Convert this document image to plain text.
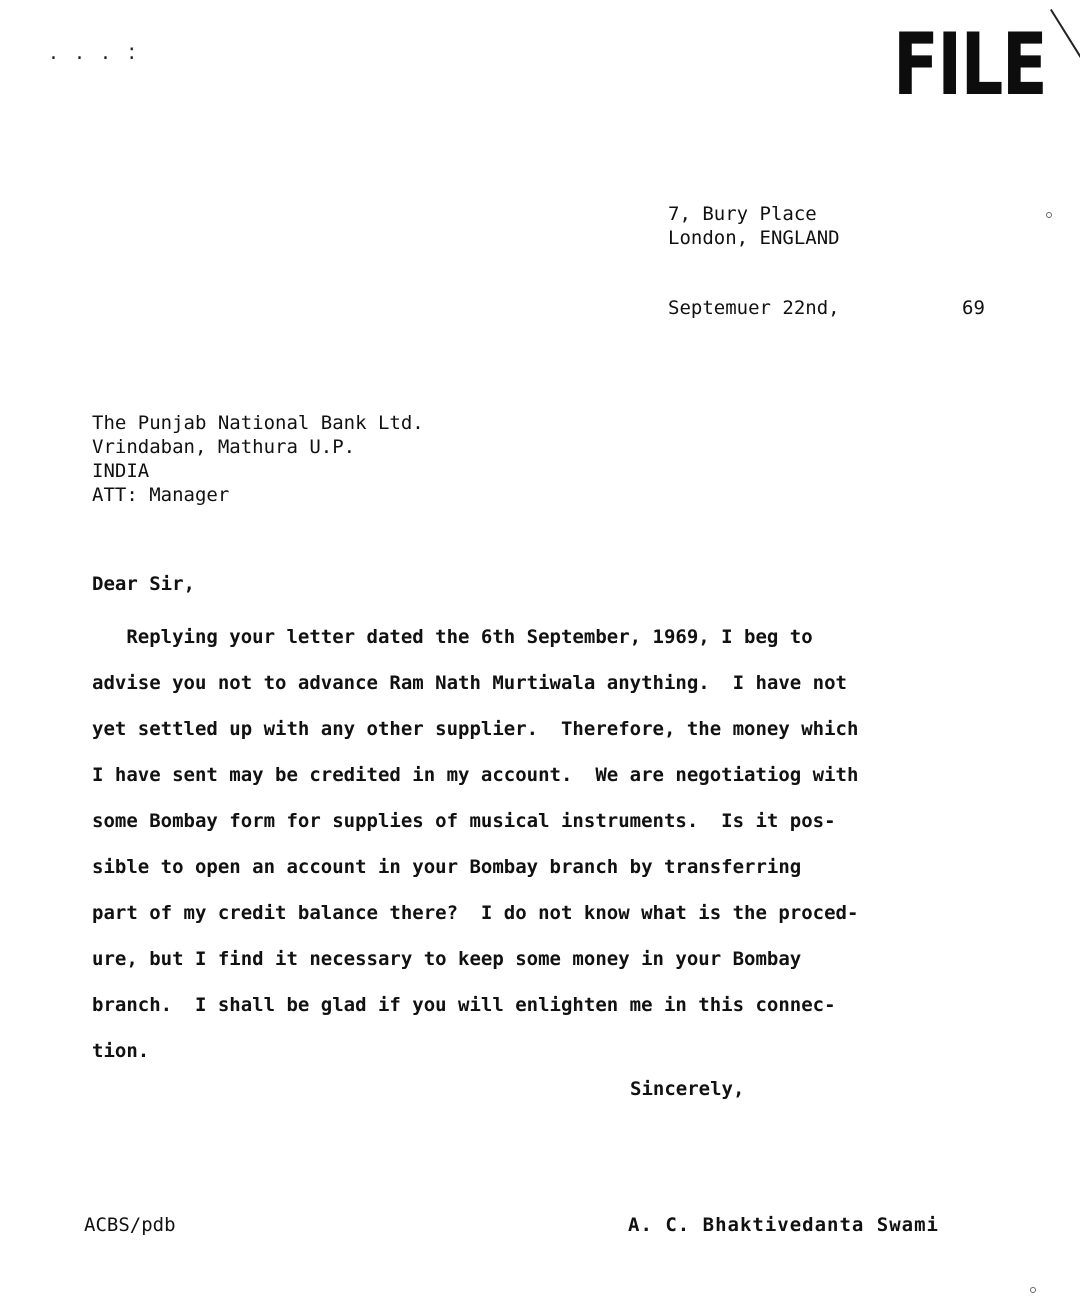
. . . :	FILE
7, Bury Place
London, ENGLAND
Septemuer 22nd,	69
The Punjab National Bank Ltd.
Vrindaban, Mathura U.P.
INDIA
ATT: Manager
Dear Sir,
Replying your letter dated the 6th September, 1969, I beg to
advise you not to advance Ram Nath Murtiwala anything.  I have not
yet settled up with any other supplier.  Therefore, the money which
I have sent may be credited in my account.  We are negotiatiog with
some Bombay form for supplies of musical instruments.  Is it pos-
sible to open an account in your Bombay branch by transferring
part of my credit balance there?  I do not know what is the proced-
ure, but I find it necessary to keep some money in your Bombay
branch.  I shall be glad if you will enlighten me in this connec-
tion.
Sincerely,
ACBS/pdb	A. C. Bhaktivedanta Swami
